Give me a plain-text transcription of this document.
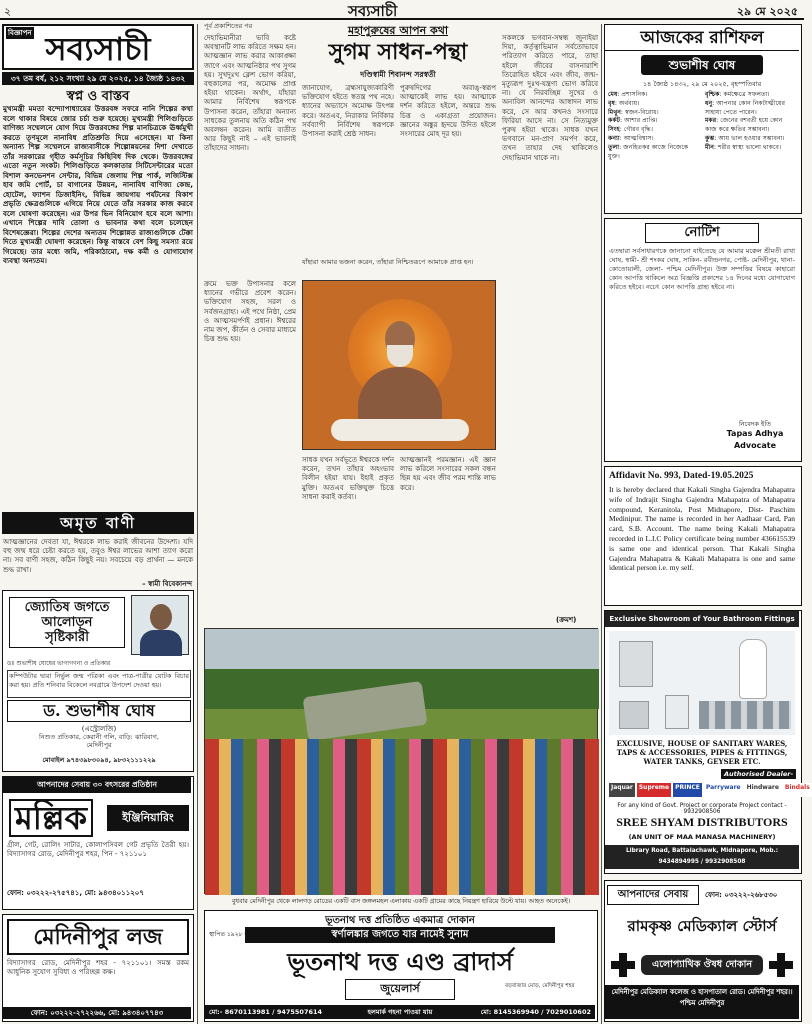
২	সব্যসাচী	২৯ মে ২০২৫
বিজ্ঞাপন সব্যসাচী
৩৭ তম বর্ষ, ২১২ সংখ্যা ২৯ মে ২০২৫, ১৪ জ্যৈষ্ঠ ১৪৩২
স্বপ্ন ও বাস্তব
মুখ্যমন্ত্রী মমতা বন্দ্যোপাধ্যায়ের উত্তরবঙ্গ সফরে নানি শিল্পের কথা বলে থাকার বিষয়ে জোর চর্চা শুরু হয়েছে। মুখ্যমন্ত্রী শিলিগুড়িতে বাণিজ্য সম্মেলনে যোগ দিয়ে উত্তরবঙ্গের শিল্প মানচিত্রকে ঊর্ধ্বমুখী করতে তৃণমূলে নানাবিধ প্রতিশ্রুতি দিয়ে এসেছেন। যা কিনা অন্যান্য শিল্প সম্মেলনে রাজ্যবাসীকে শিল্পোন্নয়নের দিশা দেখাতে তাঁর সরকারের গৃহীত কর্মসূচির কিছিবিধ দিক থেকে। উত্তরবঙ্গের এতো নতুন সংকট। শিলিগুড়িতে কলকাতার সিটিসেন্টারের মতো বিশাল কনভেনশন সেন্টার, বিভিন্ন জেলায় শিল্প পার্ক, লজিস্টিক্স হাব জমি পোর্ট, চা বাগানের উন্নয়ন, নানাবিধ বাণিজ্য কেন্দ্র, হোটেল, ফ্যাশন ডিজাইনিং, বিভিন্ন জায়গায় পর্যটনের বিকাশ প্রভৃতি ক্ষেত্রগুলিকে এগিয়ে নিয়ে যেতে তাঁর সরকার কাজ করবে বলে ঘোষণা করেছেন। এর উপর ভিন বিনিয়োগ হবে বলে আশা। এখানে শিল্পের দাবি তোলা ও ভাবনার কথা বলে চলেছেন বিশেষজ্ঞেরা। শিল্পের দেশের অন্যতম শিল্পোন্নত রাজ্যগুলিকে টেক্কা দিতে মুখ্যমন্ত্রী ঘোষণা করেছেন। কিন্তু বাস্তবে বেশ কিছু সমস্যা রয়ে গিয়েছে। তার মধ্যে জমি, পরিকাঠামো, দক্ষ কর্মী ও যোগাযোগ ব্যবস্থা অন্যতম।
অমৃত বাণী
আত্মজ্ঞানের দেবতা যা, ঈশ্বরকে লাভ করাই জীবনের উদ্দেশ্য। যদি বহু জন্ম ধরে চেষ্টা করতে হয়, তবুও ঈশ্বর লাভের আশা ত্যাগ করো না। সব বাণী সহজ, কঠিন কিছুই নয়। সবচেয়ে বড় প্রার্থনা — মনকে শুদ্ধ রাখা।
– স্বামী বিবেকানন্দ
জ্যোতিষ জগতে
আলোড়ন
সৃষ্টিকারী
ডঃ শুভাশীষ ঘোষের ভাগ্যগণনা ও প্রতিকার
কম্পিউটার দ্বারা নির্ভুল জন্ম পত্রিকা এবং পাত্র-পাত্রীর যোটক বিচার করা হয়। প্রতি শনিবার বিকেলে নবগ্রামে উপদেশ দেওয়া হয়।
ড. শুভাশীষ ঘোষ
(এস্ট্রোলজি)
নিশুত প্রতিকার, কেরানী গলি, বাড়ি: ঝারিবাগ, মেদিনীপুর
মোবাইল ৯৭৪৩৯৮৩০৯৪, ৯৮৩২১১১২২৯
আপনাদের সেবায় ৩০ বৎসরের প্রতিষ্ঠান
মল্লিক	ইঞ্জিনিয়ারিং
গ্রীল, গেট, রোলিং সাটার, কোলাপসিবল গেট প্রভৃতি তৈরী হয়। বিদ্যাসাগর রোড, মেদিনীপুর শহর, পিন - ৭২১১০১
ফোন: ০৩২২২-২৭৫৭৪১, মো: ৯৪৩৪০১১২০৭
মেদিনীপুর লজ
বিদ্যাসাগর রোড, মেদিনীপুর শহর - ৭২১১০১। সমস্ত রকম আধুনিক সুযোগ সুবিধা ও পরিচ্ছন্ন কক্ষ।
ফোন: ০৩২২২-২৭২২৬৬, মো: ৯৪৩৪০৭৭৪৩
পূর্ব প্রকাশিতের পর	মহাপুরুষের আপন কথা
সুগম সাধন-পন্থা
দণ্ডিস্বামী শিবানন্দ সরস্বতী
দেহাভিমানীরা ভাবি কষ্টে অবস্থানটি লাভ করিতে সক্ষম হন। আত্মজ্ঞান লাভ করার আকাঙ্ক্ষা জাগে এবং আত্মনিষ্ঠার পথ সুগম হয়। সুখদুঃখ ক্লেশ ভোগ করিয়া, বহুকালের পর, অমোক্ষ প্রাপ্ত হইয়া থাকেন। অর্থাৎ, যাঁহারা আমার নির্বিশেষ স্বরূপকে উপাসনা করেন, তাঁহারা অন্যান্য সাধকের তুলনায় অতি কঠিন পথ অবলম্বন করেন। আমি ব্যতীত আর কিছুই নাই – এই ভাবনাই তাঁহাদের সাধনা।
জানাযোগ, ব্রহ্মসাযুজ্যকারিণী ভক্তিযোগ হইতে স্বতন্ত্র পথ নহে। ধ্যানের অভ্যাসে অমোক্ষ উৎপন্ন করে। অতএব, নিরাকার নির্বিকার সর্বব্যাপী নির্বিশেষ স্বরূপকে উপাসনা করাই শ্রেষ্ঠ সাধন।
পুরুষদিগের অবাঙ্‌-স্বরূপ আত্মাকেই লাভ হয়। আত্মাকে দর্শন করিতে হইলে, অন্তরে শুদ্ধ চিত্ত ও একাগ্রতা প্রয়োজন। জ্ঞানের অঙ্কুর হৃদয়ে উদিত হইলে সংসারের মোহ দূর হয়।
যাঁহারা আমার ভজনা করেন, তাঁহারা নিশ্চিতরূপে আমাকে প্রাপ্ত হন।
ক্রমে ভক্ত উপাসনার কলে ধ্যানের গভীরে প্রবেশ করেন। ভক্তিযোগ সহজ, সরল ও সর্বজনগ্রাহ্য। এই পথে নিষ্ঠা, প্রেম ও আত্মসমর্পণই প্রধান। ঈশ্বরের নাম জপ, কীর্তন ও সেবার মাধ্যমে চিত্ত শুদ্ধ হয়।
সাধক যখন সর্বভূতে ঈশ্বরকে দর্শন করেন, তখন তাঁহার অহংভাব বিলীন হইয়া যায়। ইহাই প্রকৃত মুক্তি। অতএব ভক্তিযুক্ত চিত্তে সাধনা করাই কর্তব্য।
আত্মজ্ঞানই পরমজ্ঞান। এই জ্ঞান লাভ করিলে সংসারের সকল বন্ধন ছিন্ন হয় এবং জীব পরম শান্তি লাভ করে।
সকলকে ভগবান-সম্বন্ধ জুনাইয়া দিয়া, কর্তৃত্বাভিমান সর্বতোভাবে পরিত্যাগ করিতে পারে, তাহা হইলে জীবের বাসনারাশি তিরোহিত হইবে এবং জীব, জন্ম-মৃত্যুরূপ দুঃখ-যন্ত্রণা ভোগ করিবে না। যে নিরবচ্ছিন্ন সুখের ও অনাবিল আনন্দের আস্বাদন লাভ করে, সে আর কখনও সংসারে ফিরিয়া আসে না। সে নিত্যমুক্ত পুরুষ হইয়া থাকে। সাধক যখন ভগবানে মন-প্রাণ সমর্পণ করে, তখন তাহার দেহ থাকিলেও দেহাভিমান থাকে না।
(ক্রমশ)
বুধবার মেদিনীপুর থেকে লালগড় রোডের একটি বাস জঙ্গলমহল এলাকায় একটি গ্রামের কাছে নিয়ন্ত্রণ হারিয়ে উল্টে যায়। আহত অনেকেই।
ভূতনাথ দত্ত প্রতিষ্ঠিত একমাত্র দোকান
স্বর্ণালঙ্কার জগতে যার নামেই সুনাম
স্থাপিত ১৯২৮ সাল
ভূতনাথ দত্ত এণ্ড ব্রাদার্স
জুয়েলার্স	বড়বাজার মোড়, মেদিনীপুর শহর
মো:- 8670113981 / 9475507614	হলমার্ক গহনা পাওয়া যায়	মো: 8145369940 / 7029010602
আজকের রাশিফল
শুভাশীষ ঘোষ
১৪ জ্যৈষ্ঠ ১৪৩২, ২৯ মে ২০২৫, বৃহস্পতিবার
মেষ: প্রশাসনিক।
বৃষ: অর্থব্যয়।
মিথুন: স্বজন-বিরোধ।
কর্কট: আশার প্রাপ্তি।
সিংহ: গৌরব বৃদ্ধি।
কন্যা: আত্মবিশ্বাস।
তুলা: জনহিতকর কাজে নিজেকে যুক্ত।
বৃশ্চিক: কর্মক্ষেত্রে সফলতা।
ধনু: আপনার কোন নিকটাত্মীয়ের সাহায্য পেতে পারেন।
মকর: জেনের বশবর্তী হয়ে কোন কাজ করে ক্ষতির সম্ভাবনা।
কুম্ভ: আয় ভাল হওয়ার সম্ভাবনা।
মীন: শরীর স্বাস্থ্য ভালো থাকবে।
নোটিশ
এতদ্বারা সর্বসাধারণকে জানানো যাইতেছে যে আমার মক্কেল শ্রীমতী রাখা ঘোষ, স্বামী- শ্রী শংকর ঘোষ, সাকিন- রবীন্দ্রনগর, পোষ্ট- মেদিনীপুর, থানা- কোতোয়ালী, জেলা- পশ্চিম মেদিনীপুর। উক্ত সম্পত্তির বিষয়ে কাহারো কোন আপত্তি থাকিলে অত্র বিজ্ঞপ্তি প্রকাশের ১৪ দিনের মধ্যে যোগাযোগ করিতে হইবে। নচেৎ কোন আপত্তি গ্রাহ্য হইবে না।
নিবেদক ইতি
Tapas Adhya
Advocate
Affidavit No. 993, Dated-19.05.2025
It is hereby declared that Kakali Singha Gajendra Mahapatra wife of Indrajit Singha Gajendra Mahapatra of Mahapatra compound, Keranitola, Post Midnapore, Dist- Paschim Medinipur. The name is recorded in her Aadhaar Card, Pan card, S.B. Account. The name being Kakali Mahapatra recorded in L.I.C Policy certificate being number 436615539 is same one and identical person. That Kakali Singha Gajendra Mahapatra & Kakali Mahapatra is one and same identical person i.e. my self.
Exclusive Showroom of Your Bathroom Fittings
EXCLUSIVE, HOUSE OF SANITARY WARES, TAPS & ACCESSORIES, PIPES & FITTINGS, WATER TANKS, GEYSER ETC.
Authorised Dealer-
Jaquar	Supreme	PRINCE	Parryware	Hindware	Bindals
For any kind of Govt. Project or corporate Project contact - 9932908506
SREE SHYAM DISTRIBUTORS
(AN UNIT OF MAA MANASA MACHINERY)
Library Road, Battalachawk, Midnapore, Mob.: 9434894995 / 9932908508
আপনাদের সেবায়	ফোন: ০৩২২২-২৬৮৫৩০
রামকৃষ্ণ মেডিক্যাল স্টোর্স
এলোপ্যাথিক ঔষধ দোকান
মেদিনীপুর মেডিক্যাল কলেজ ও হাসপাতাল রোড। মেদিনীপুর শহর।। পশ্চিম মেদিনীপুর
